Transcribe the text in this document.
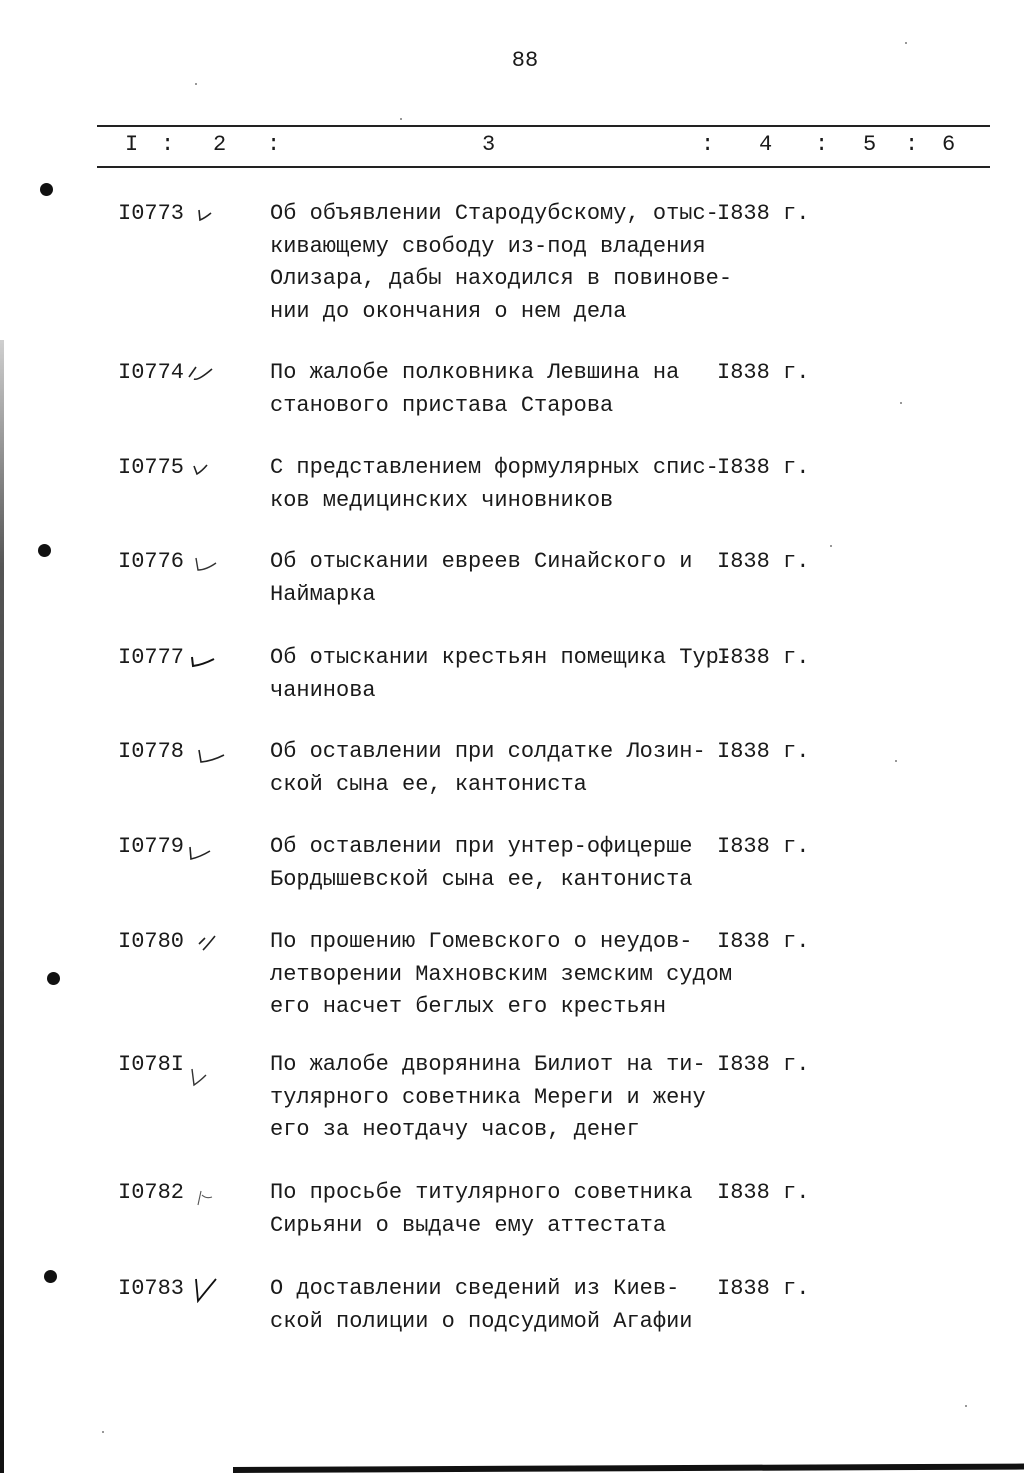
88
I : 2 :	3	: 4 : 5 : 6
I0773	Об объявлении Стародубскому, отыс-
кивающему свободу из-под владения
Олизара, дабы находился в повинове-
нии до окончания о нем дела
I838 г.
I0774	По жалобе полковника Левшина на
станового пристава Старова
I838 г.
I0775	С представлением формулярных спис-
ков медицинских чиновников
I838 г.
I0776	Об отыскании евреев Синайского и
Наймарка
I838 г.
I0777	Об отыскании крестьян помещика Тур-
чанинова
I838 г.
I0778	Об оставлении при солдатке Лозин-
ской сына ее, кантониста
I838 г.
I0779	Об оставлении при унтер-офицерше
Бордышевской сына ее, кантониста
I838 г.
I0780	По прошению Гомевского о неудов-
летворении Махновским земским судом
его насчет беглых его крестьян
I838 г.
I078I	По жалобе дворянина Билиот на ти-
тулярного советника Мереги и жену
его за неотдачу часов, денег
I838 г.
I0782	По просьбе титулярного советника
Сирьяни о выдаче ему аттестата
I838 г.
I0783	О доставлении сведений из Киев-
ской полиции о подсудимой Агафии
I838 г.
